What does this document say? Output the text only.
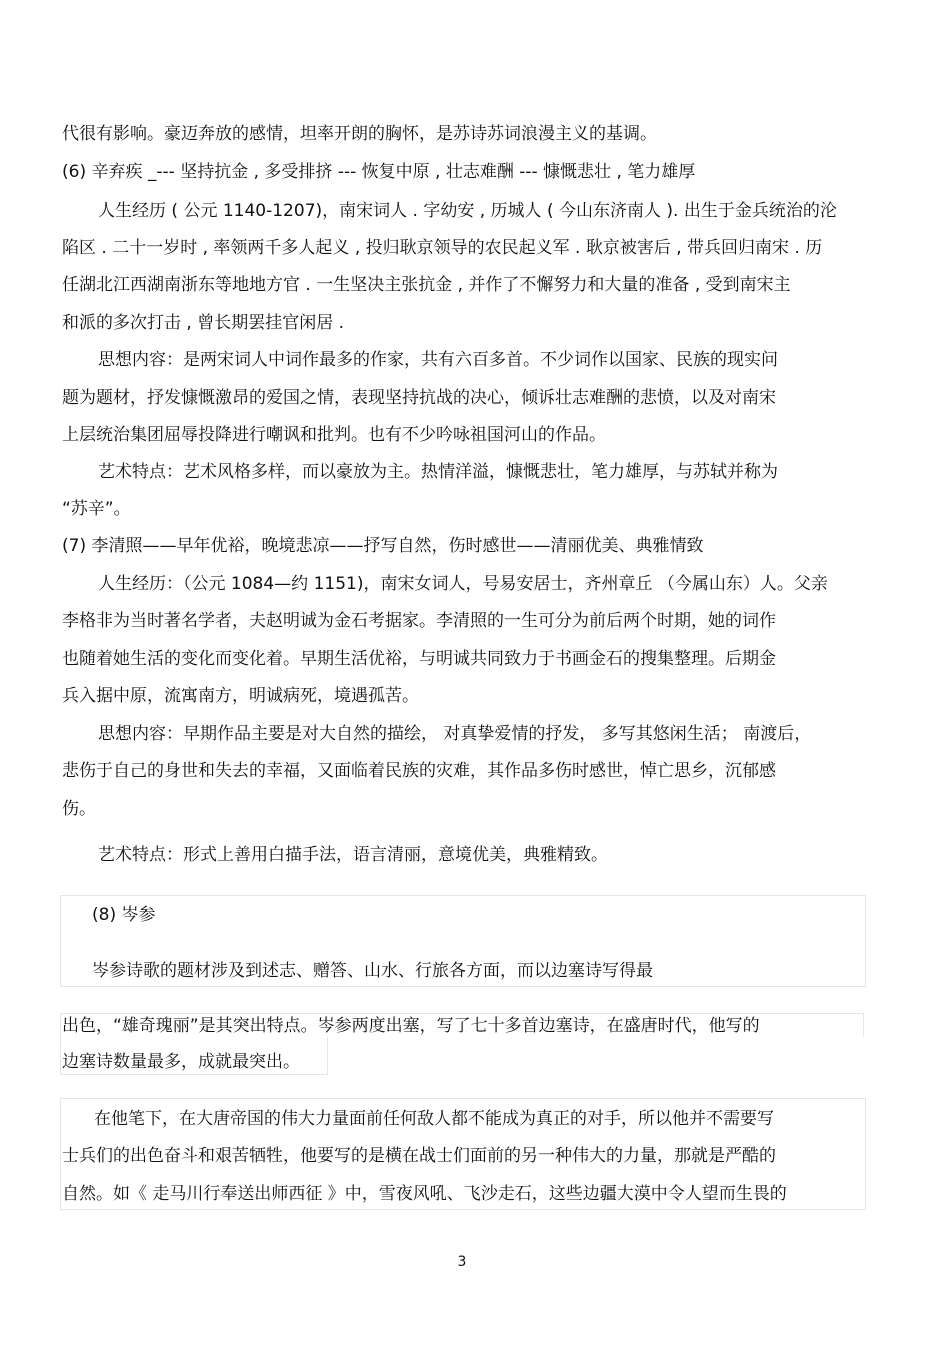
代很有影响。豪迈奔放的感情，坦率开朗的胸怀，是苏诗苏词浪漫主义的基调。
(6) 辛弃疾 _--- 坚持抗金 , 多受排挤 --- 恢复中原 , 壮志难酬 --- 慷慨悲壮 , 笔力雄厚
人生经历 ( 公元 1140-1207)，南宋词人 . 字幼安 , 历城人 ( 今山东济南人 ). 出生于金兵统治的沦
陷区 . 二十一岁时 , 率领两千多人起义 , 投归耿京领导的农民起义军 . 耿京被害后 , 带兵回归南宋 . 历
任湖北江西湖南浙东等地地方官 . 一生坚决主张抗金 , 并作了不懈努力和大量的准备 , 受到南宋主
和派的多次打击 , 曾长期罢挂官闲居 .
思想内容：是两宋词人中词作最多的作家，共有六百多首。不少词作以国家、民族的现实问
题为题材，抒发慷慨激昂的爱国之情，表现坚持抗战的决心，倾诉壮志难酬的悲愤，以及对南宋
上层统治集团屈辱投降进行嘲讽和批判。也有不少吟咏祖国河山的作品。
艺术特点：艺术风格多样，而以豪放为主。热情洋溢，慷慨悲壮，笔力雄厚，与苏轼并称为
“苏辛”。
(7) 李清照——早年优裕，晚境悲凉——抒写自然，伤时感世——清丽优美、典雅情致
人生经历：（公元 1084—约 1151)，南宋女词人，号易安居士，齐州章丘 （今属山东）人。父亲
李格非为当时著名学者，夫赵明诚为金石考据家。李清照的一生可分为前后两个时期，她的词作
也随着她生活的变化而变化着。早期生活优裕，与明诚共同致力于书画金石的搜集整理。后期金
兵入据中原，流寓南方，明诚病死，境遇孤苦。
思想内容：早期作品主要是对大自然的描绘， 对真挚爱情的抒发， 多写其悠闲生活； 南渡后，
悲伤于自己的身世和失去的幸福，又面临着民族的灾难，其作品多伤时感世，悼亡思乡，沉郁感
伤。
艺术特点：形式上善用白描手法，语言清丽，意境优美，典雅精致。
(8) 岑参
岑参诗歌的题材涉及到述志、赠答、山水、行旅各方面，而以边塞诗写得最
出色，“雄奇瑰丽”是其突出特点。岑参两度出塞，写了七十多首边塞诗，在盛唐时代，他写的
边塞诗数量最多，成就最突出。
在他笔下，在大唐帝国的伟大力量面前任何敌人都不能成为真正的对手，所以他并不需要写
士兵们的出色奋斗和艰苦牺牲，他要写的是横在战士们面前的另一种伟大的力量，那就是严酷的
自然。如《 走马川行奉送出师西征 》中，雪夜风吼、飞沙走石，这些边疆大漠中令人望而生畏的
3
